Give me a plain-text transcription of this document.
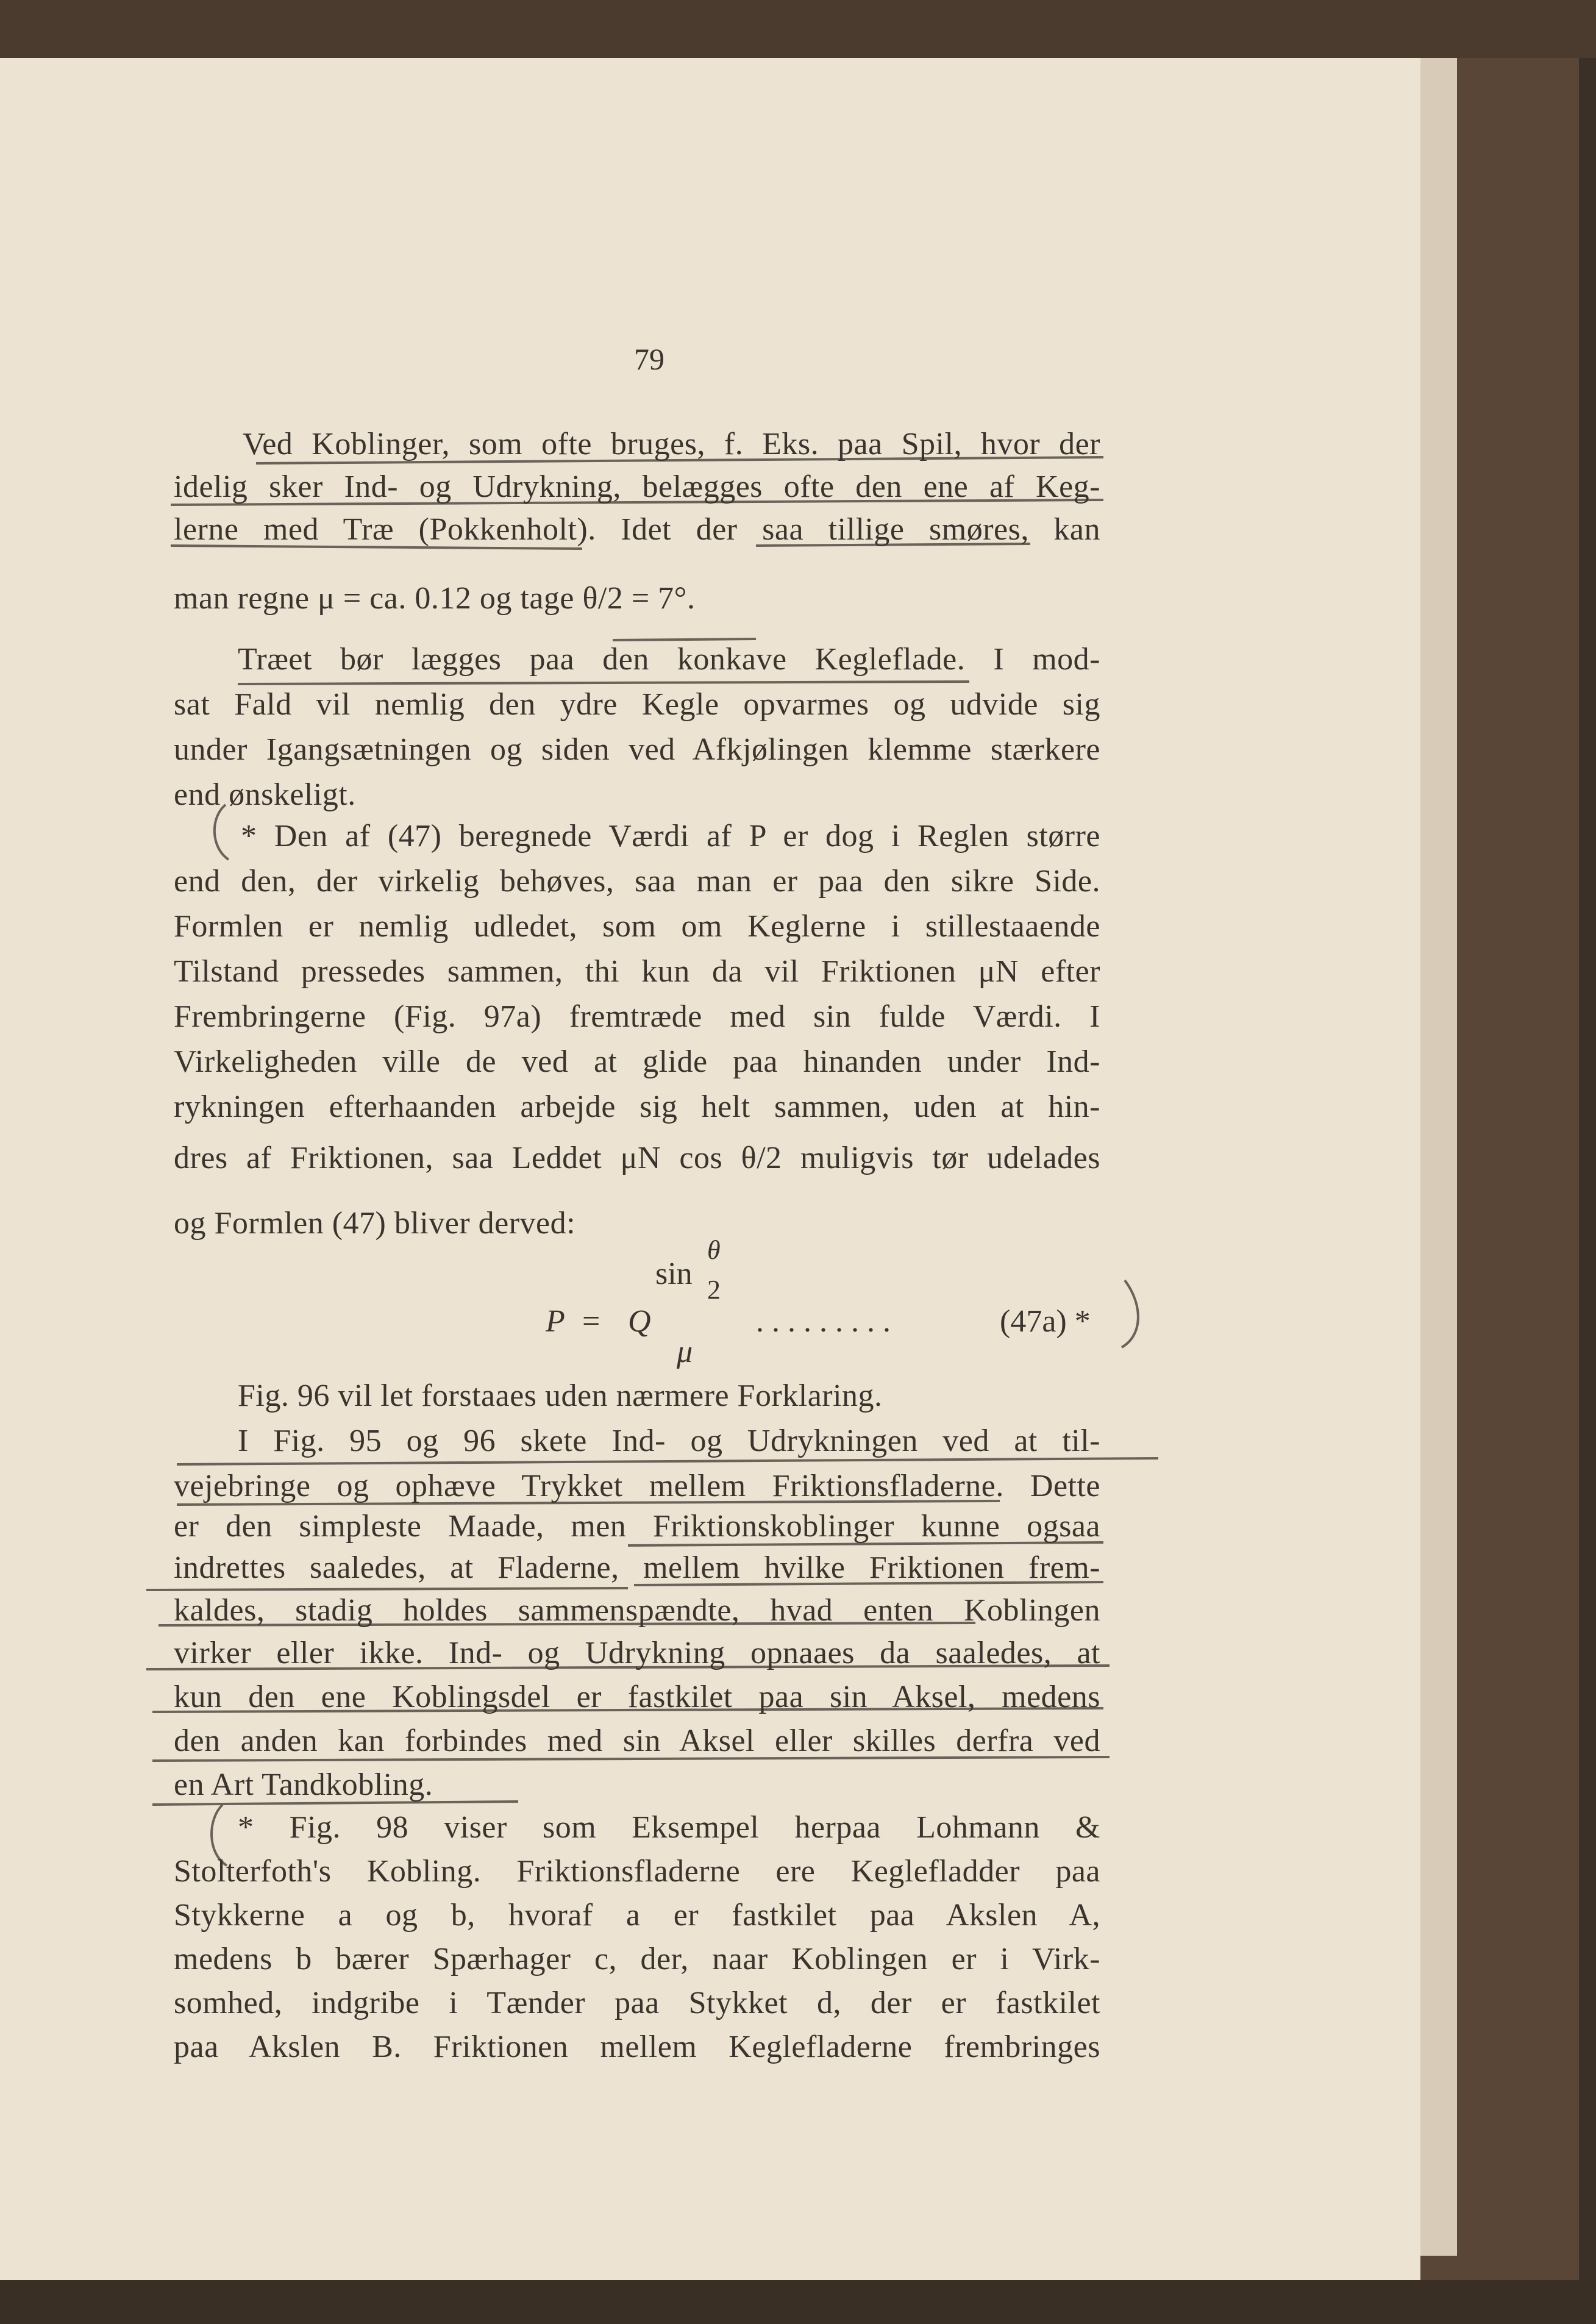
79
Ved Koblinger, som ofte bruges, f. Eks. paa Spil, hvor der
idelig sker Ind- og Udrykning, belægges ofte den ene af Keg-
lerne med Træ (Pokkenholt). Idet der saa tillige smøres, kan
man regne μ = ca. 0.12 og tage θ/2 = 7°.
Træet bør lægges paa den konkave Kegleflade. I mod-
sat Fald vil nemlig den ydre Kegle opvarmes og udvide sig
under Igangsætningen og siden ved Afkjølingen klemme stærkere
end ønskeligt.
* Den af (47) beregnede Værdi af P er dog i Reglen større
end den, der virkelig behøves, saa man er paa den sikre Side.
Formlen er nemlig udledet, som om Keglerne i stillestaaende
Tilstand pressedes sammen, thi kun da vil Friktionen μN efter
Frembringerne (Fig. 97a) fremtræde med sin fulde Værdi. I
Virkeligheden ville de ved at glide paa hinanden under Ind-
rykningen efterhaanden arbejde sig helt sammen, uden at hin-
dres af Friktionen, saa Leddet μN cos θ/2 muligvis tør udelades
og Formlen (47) bliver derved:
P = Q
sin
θ
2
μ
. . . . . . . . .	(47a) *
Fig. 96 vil let forstaaes uden nærmere Forklaring.
I Fig. 95 og 96 skete Ind- og Udrykningen ved at til-
vejebringe og ophæve Trykket mellem Friktionsfladerne. Dette
er den simpleste Maade, men Friktionskoblinger kunne ogsaa
indrettes saaledes, at Fladerne, mellem hvilke Friktionen frem-
kaldes, stadig holdes sammenspændte, hvad enten Koblingen
virker eller ikke. Ind- og Udrykning opnaaes da saaledes, at
kun den ene Koblingsdel er fastkilet paa sin Aksel, medens
den anden kan forbindes med sin Aksel eller skilles derfra ved
en Art Tandkobling.
* Fig. 98 viser som Eksempel herpaa Lohmann &
Stolterfoth's Kobling. Friktionsfladerne ere Keglefladder paa
Stykkerne a og b, hvoraf a er fastkilet paa Akslen A,
medens b bærer Spærhager c, der, naar Koblingen er i Virk-
somhed, indgribe i Tænder paa Stykket d, der er fastkilet
paa Akslen B. Friktionen mellem Keglefladerne frembringes
